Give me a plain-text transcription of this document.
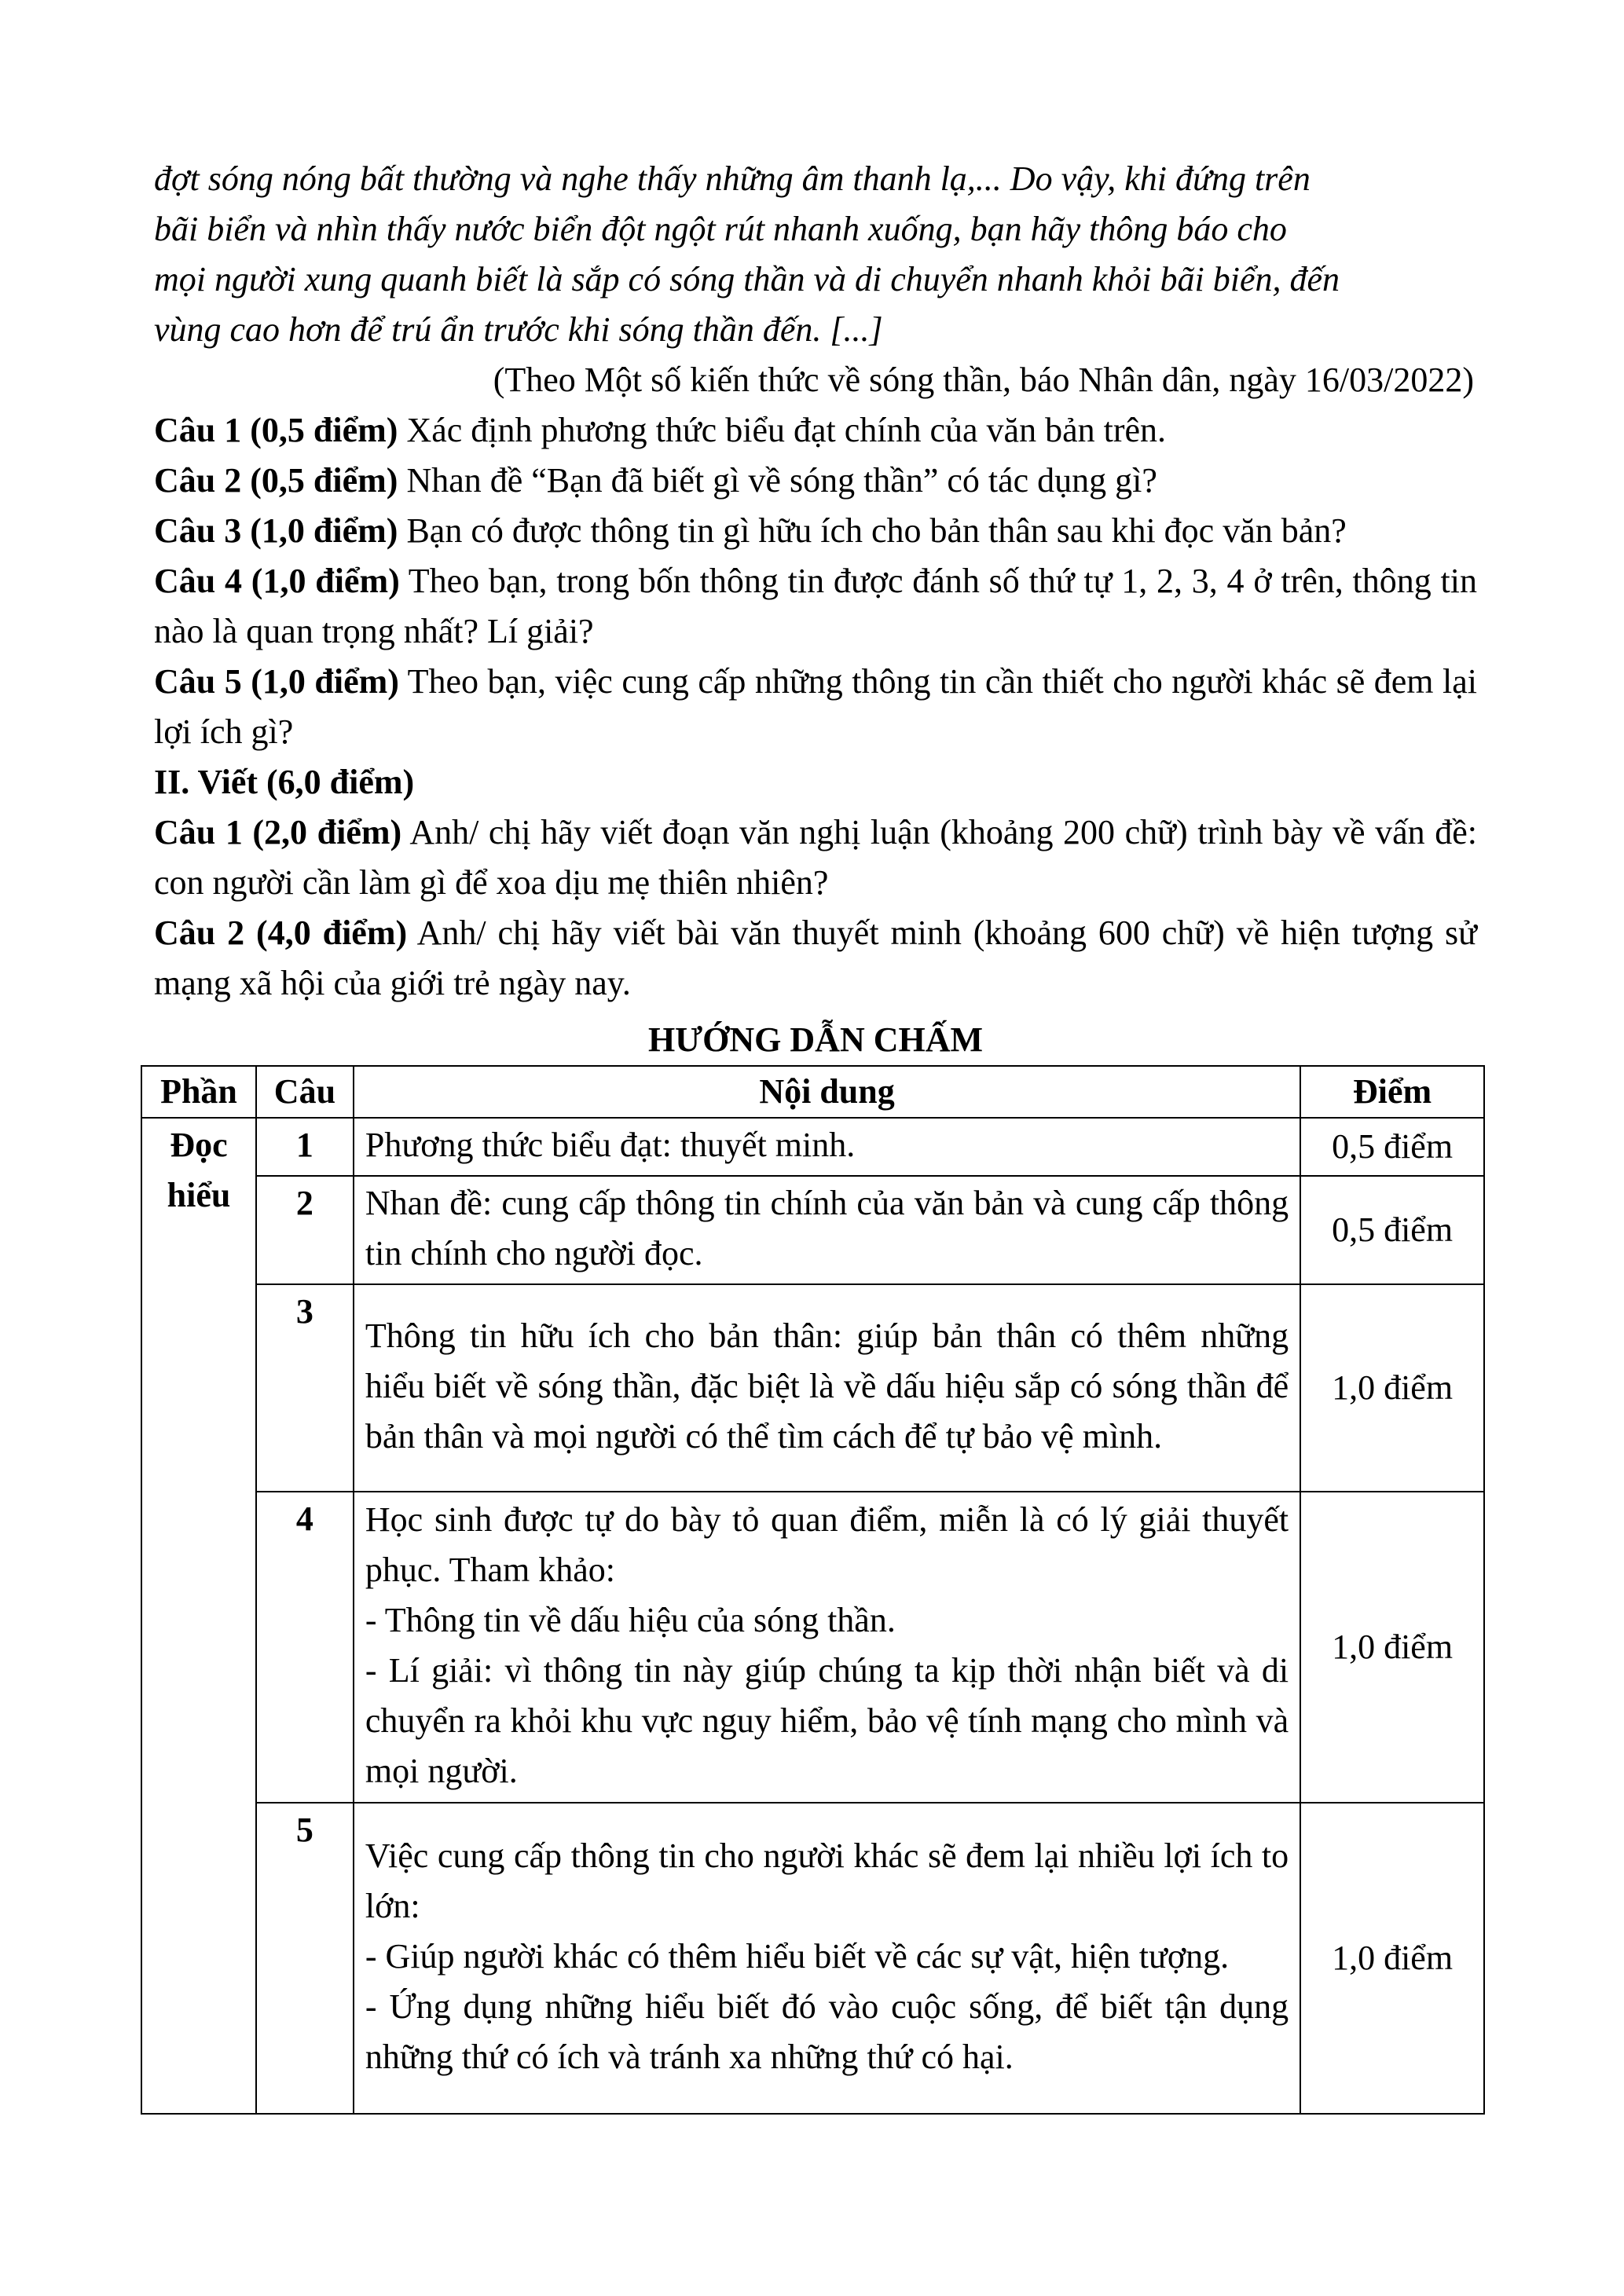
đợt sóng nóng bất thường và nghe thấy những âm thanh lạ,... Do vậy, khi đứng trên

bãi biển và nhìn thấy nước biển đột ngột rút nhanh xuống, bạn hãy thông báo cho

mọi người xung quanh biết là sắp có sóng thần và di chuyển nhanh khỏi bãi biển, đến

vùng cao hơn để trú ẩn trước khi sóng thần đến. [...]

(Theo Một số kiến thức về sóng thần, báo Nhân dân, ngày 16/03/2022)

Câu 1 (0,5 điểm) Xác định phương thức biểu đạt chính của văn bản trên.

Câu 2 (0,5 điểm) Nhan đề “Bạn đã biết gì về sóng thần” có tác dụng gì?

Câu 3 (1,0 điểm) Bạn có được thông tin gì hữu ích cho bản thân sau khi đọc văn bản?

Câu 4 (1,0 điểm) Theo bạn, trong bốn thông tin được đánh số thứ tự 1, 2, 3, 4 ở trên, thông tin nào là quan trọng nhất? Lí giải?

Câu 5 (1,0 điểm) Theo bạn, việc cung cấp những thông tin cần thiết cho người khác sẽ đem lại lợi ích gì?

II. Viết (6,0 điểm)

Câu 1 (2,0 điểm) Anh/ chị hãy viết đoạn văn nghị luận (khoảng 200 chữ) trình bày về vấn đề: con người cần làm gì để xoa dịu mẹ thiên nhiên?

Câu 2 (4,0 điểm) Anh/ chị hãy viết bài văn thuyết minh (khoảng 600 chữ) về hiện tượng sử mạng xã hội của giới trẻ ngày nay.

HƯỚNG DẪN CHẤM
Phần	Câu	Nội dung	Điểm
Đọc hiểu	1	Phương thức biểu đạt: thuyết minh.	0,5 điểm
	2	Nhan đề: cung cấp thông tin chính của văn bản và cung cấp thông tin chính cho người đọc.	0,5 điểm
	3	Thông tin hữu ích cho bản thân: giúp bản thân có thêm những hiểu biết về sóng thần, đặc biệt là về dấu hiệu sắp có sóng thần để bản thân và mọi người có thể tìm cách để tự bảo vệ mình.	1,0 điểm
	4	Học sinh được tự do bày tỏ quan điểm, miễn là có lý giải thuyết phục. Tham khảo:
- Thông tin về dấu hiệu của sóng thần.
- Lí giải: vì thông tin này giúp chúng ta kịp thời nhận biết và di chuyển ra khỏi khu vực nguy hiểm, bảo vệ tính mạng cho mình và mọi người.	1,0 điểm
	5	Việc cung cấp thông tin cho người khác sẽ đem lại nhiều lợi ích to lớn:
- Giúp người khác có thêm hiểu biết về các sự vật, hiện tượng.
- Ứng dụng những hiểu biết đó vào cuộc sống, để biết tận dụng những thứ có ích và tránh xa những thứ có hại.	1,0 điểm
